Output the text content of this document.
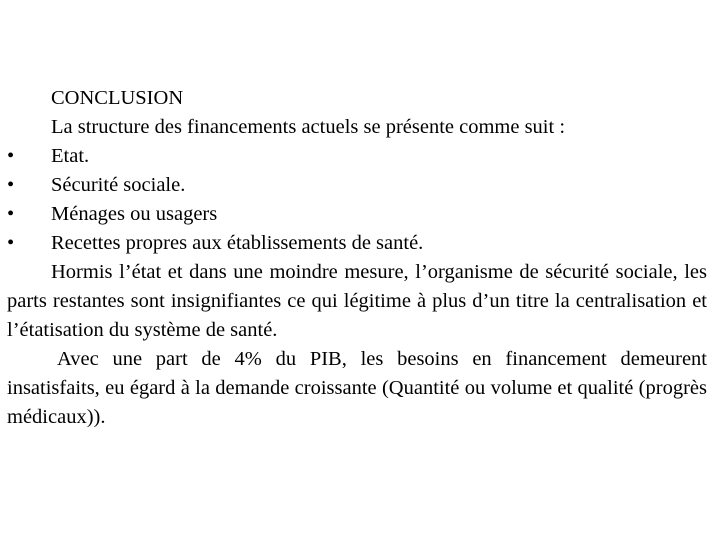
CONCLUSION
La structure des financements actuels se présente comme suit :
•	Etat.
•	Sécurité sociale.
•	Ménages ou usagers
•	Recettes propres aux établissements de santé.

Hormis l’état et dans une moindre mesure, l’organisme de sécurité sociale, les parts restantes sont insignifiantes ce qui légitime à plus d’un titre la centralisation et l’étatisation du système de santé.

Avec une part de 4% du PIB, les besoins en financement demeurent insatisfaits, eu égard à la demande croissante (Quantité ou volume et qualité (progrès médicaux)).
